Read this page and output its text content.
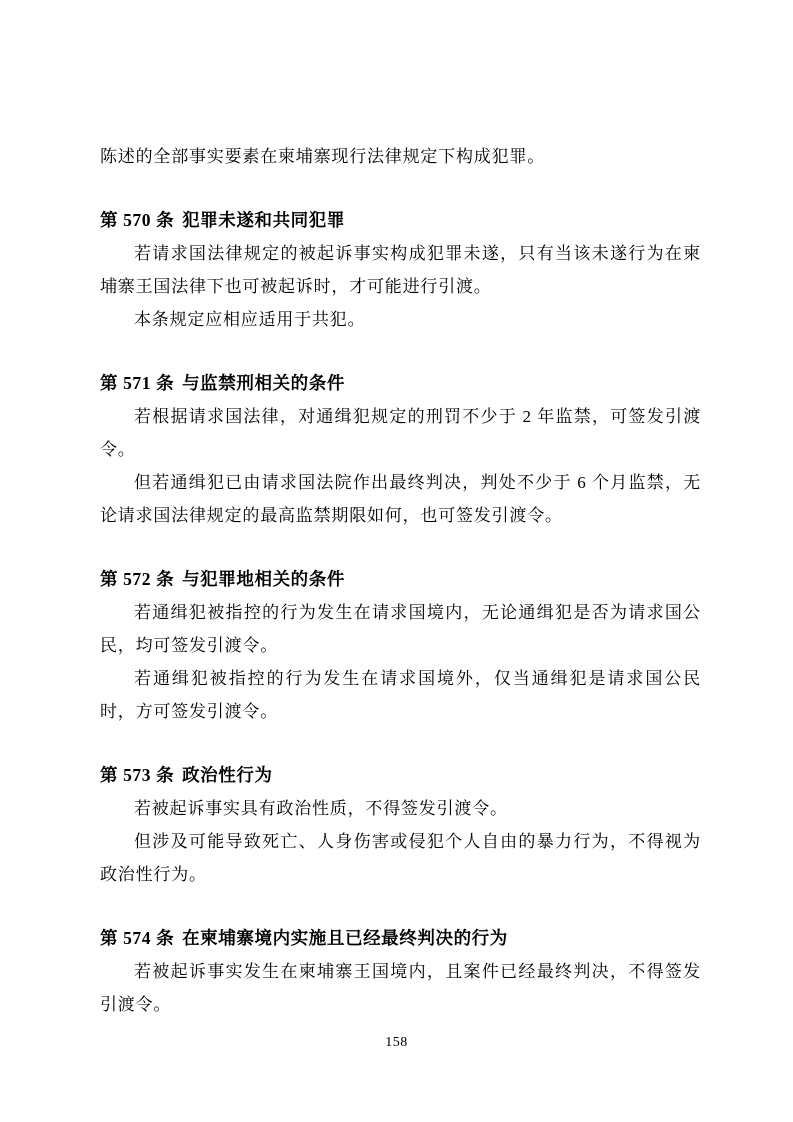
陈述的全部事实要素在柬埔寨现行法律规定下构成犯罪。

第 570 条 犯罪未遂和共同犯罪

若请求国法律规定的被起诉事实构成犯罪未遂，只有当该未遂行为在柬埔寨王国法律下也可被起诉时，才可能进行引渡。

本条规定应相应适用于共犯。

第 571 条 与监禁刑相关的条件

若根据请求国法律，对通缉犯规定的刑罚不少于 2 年监禁，可签发引渡令。

但若通缉犯已由请求国法院作出最终判决，判处不少于 6 个月监禁，无论请求国法律规定的最高监禁期限如何，也可签发引渡令。

第 572 条 与犯罪地相关的条件

若通缉犯被指控的行为发生在请求国境内，无论通缉犯是否为请求国公民，均可签发引渡令。

若通缉犯被指控的行为发生在请求国境外，仅当通缉犯是请求国公民时，方可签发引渡令。

第 573 条 政治性行为

若被起诉事实具有政治性质，不得签发引渡令。

但涉及可能导致死亡、人身伤害或侵犯个人自由的暴力行为，不得视为政治性行为。

第 574 条 在柬埔寨境内实施且已经最终判决的行为

若被起诉事实发生在柬埔寨王国境内，且案件已经最终判决，不得签发引渡令。

158
